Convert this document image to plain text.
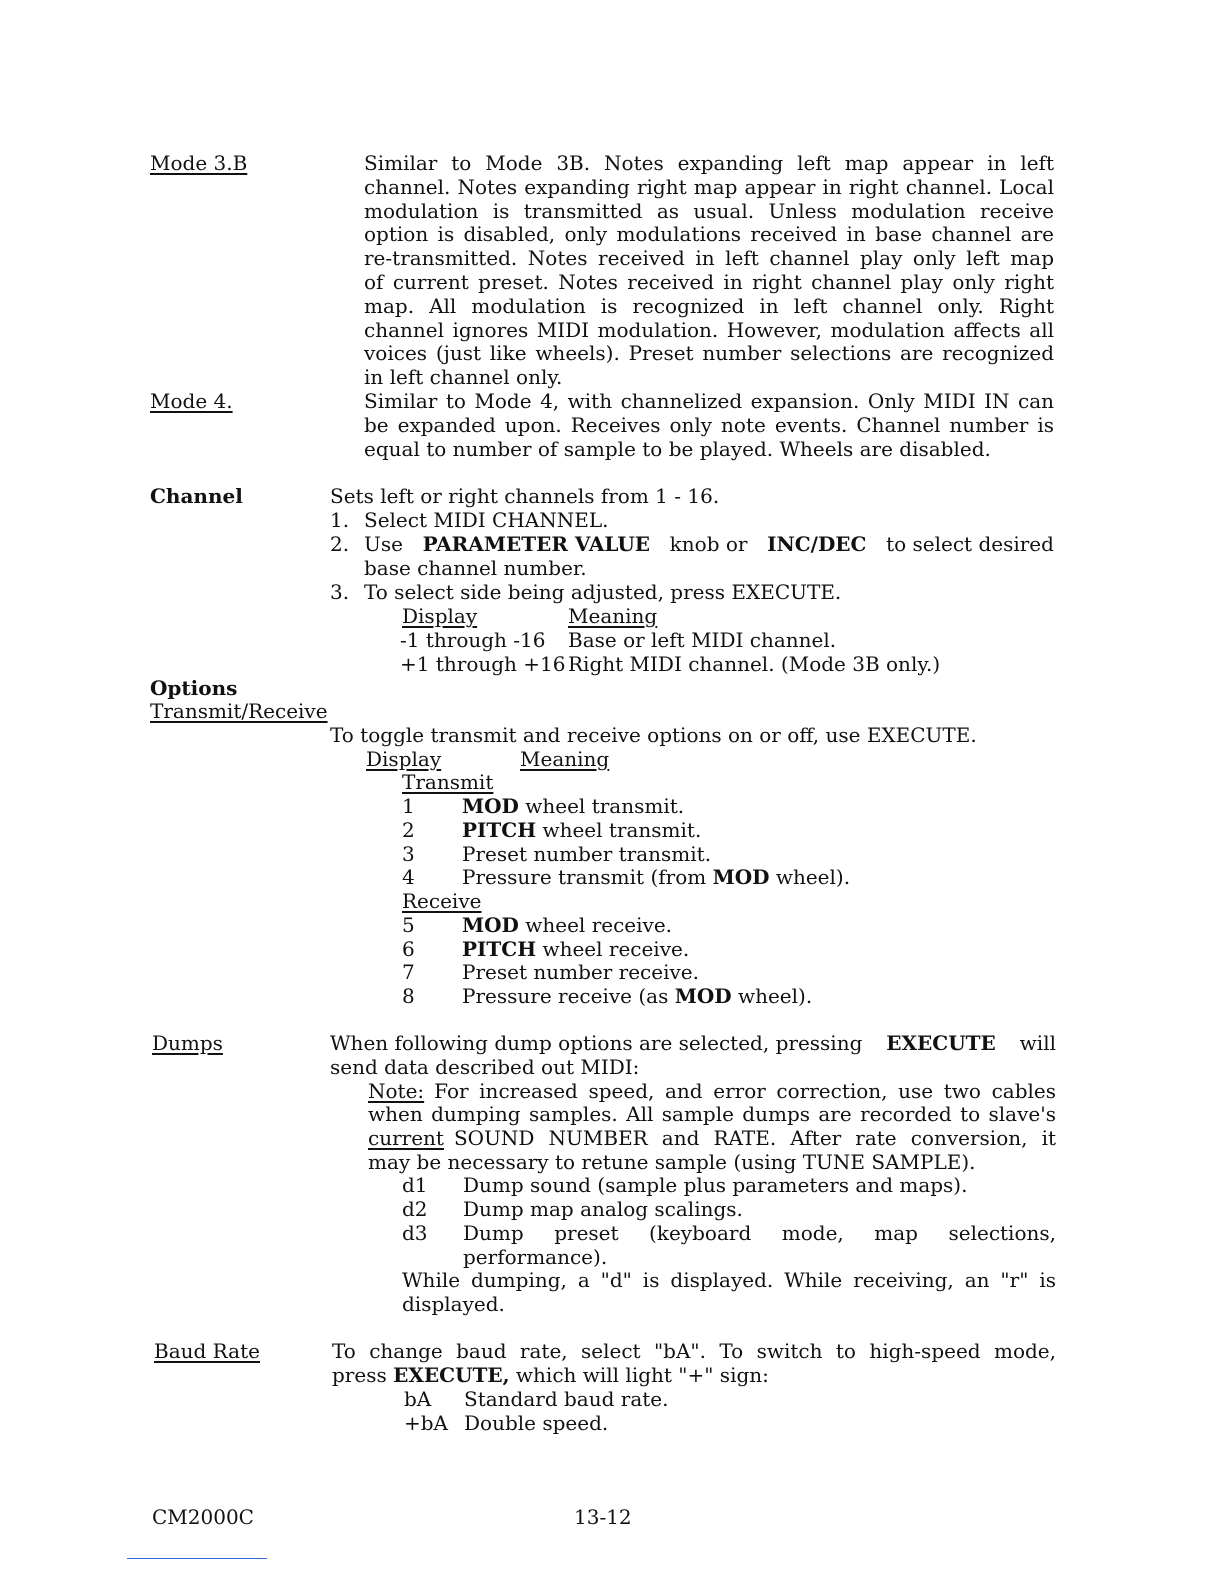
Mode 3.B	Similar to Mode 3B. Notes expanding left map appear in left
channel. Notes expanding right map appear in right channel. Local
modulation is transmitted as usual. Unless modulation receive
option is disabled, only modulations received in base channel are
re-transmitted. Notes received in left channel play only left map
of current preset. Notes received in right channel play only right
map. All modulation is recognized in left channel only. Right
channel ignores MIDI modulation. However, modulation affects all
voices (just like wheels). Preset number selections are recognized
in left channel only.
Mode 4.	Similar to Mode 4, with channelized expansion. Only MIDI IN can
be expanded upon. Receives only note events. Channel number is
equal to number of sample to be played. Wheels are disabled.
Channel	Sets left or right channels from 1 - 16.
1. Select MIDI CHANNEL.
2. Use PARAMETER VALUE knob or INC/DEC to select desired
base channel number.
3. To select side being adjusted, press EXECUTE.
Display	Meaning
-1 through -16 Base or left MIDI channel.
+1 through +16 Right MIDI channel. (Mode 3B only.)
Options
Transmit/Receive
To toggle transmit and receive options on or off, use EXECUTE.
Display	Meaning
Transmit
1 MOD wheel transmit.
2 PITCH wheel transmit.
3 Preset number transmit.
4 Pressure transmit (from MOD wheel).
Receive
5 MOD wheel receive.
6 PITCH wheel receive.
7 Preset number receive.
8 Pressure receive (as MOD wheel).
Dumps	When following dump options are selected, pressing EXECUTE will
send data described out MIDI:
Note: For increased speed, and error correction, use two cables
when dumping samples. All sample dumps are recorded to slave's
current SOUND NUMBER and RATE. After rate conversion, it
may be necessary to retune sample (using TUNE SAMPLE).
d1 Dump sound (sample plus parameters and maps).
d2 Dump map analog scalings.
d3 Dump preset (keyboard mode, map selections,
performance).
While dumping, a "d" is displayed. While receiving, an "r" is
displayed.
Baud Rate	To change baud rate, select "bA". To switch to high-speed mode,
press EXECUTE, which will light "+" sign:
bA Standard baud rate.
+bA Double speed.
CM2000C	13-12
